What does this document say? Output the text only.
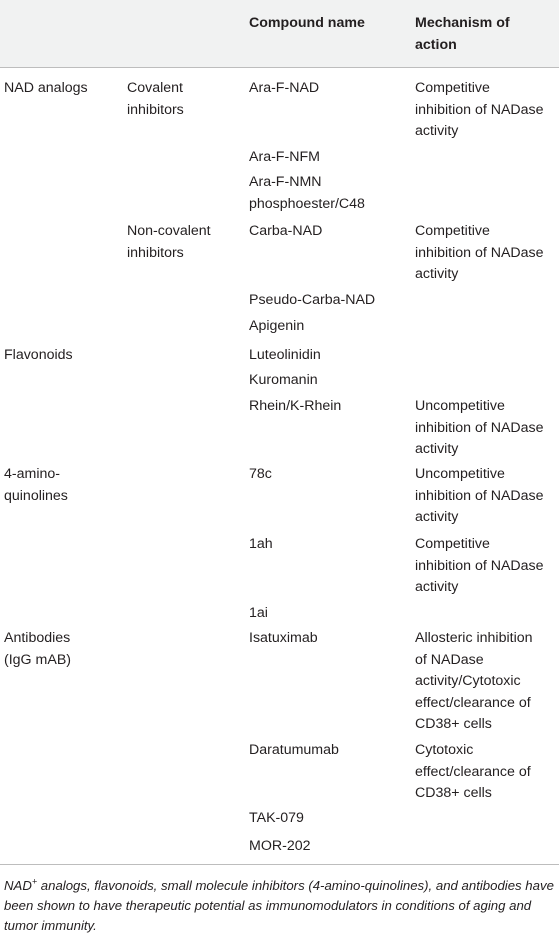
Compound name	Mechanism of
action
NAD analogs
Flavonoids
4-amino-
quinolines
Antibodies
(IgG mAB)
Covalent
inhibitors
Non-covalent
inhibitors
Ara-F-NAD
Ara-F-NFM
Ara-F-NMN
phosphoester/C48
Carba-NAD
Pseudo-Carba-NAD
Apigenin
Luteolinidin
Kuromanin
Rhein/K-Rhein
78c
1ah
1ai
Isatuximab
Daratumumab
TAK-079
MOR-202
Competitive
inhibition of NADase
activity
Competitive
inhibition of NADase
activity
Uncompetitive
inhibition of NADase
activity
Uncompetitive
inhibition of NADase
activity
Competitive
inhibition of NADase
activity
Allosteric inhibition
of NADase
activity/Cytotoxic
effect/clearance of
CD38+ cells
Cytotoxic
effect/clearance of
CD38+ cells
NAD+ analogs, flavonoids, small molecule inhibitors (4-amino-quinolines), and antibodies have been shown to have therapeutic potential as immunomodulators in conditions of aging and tumor immunity.
